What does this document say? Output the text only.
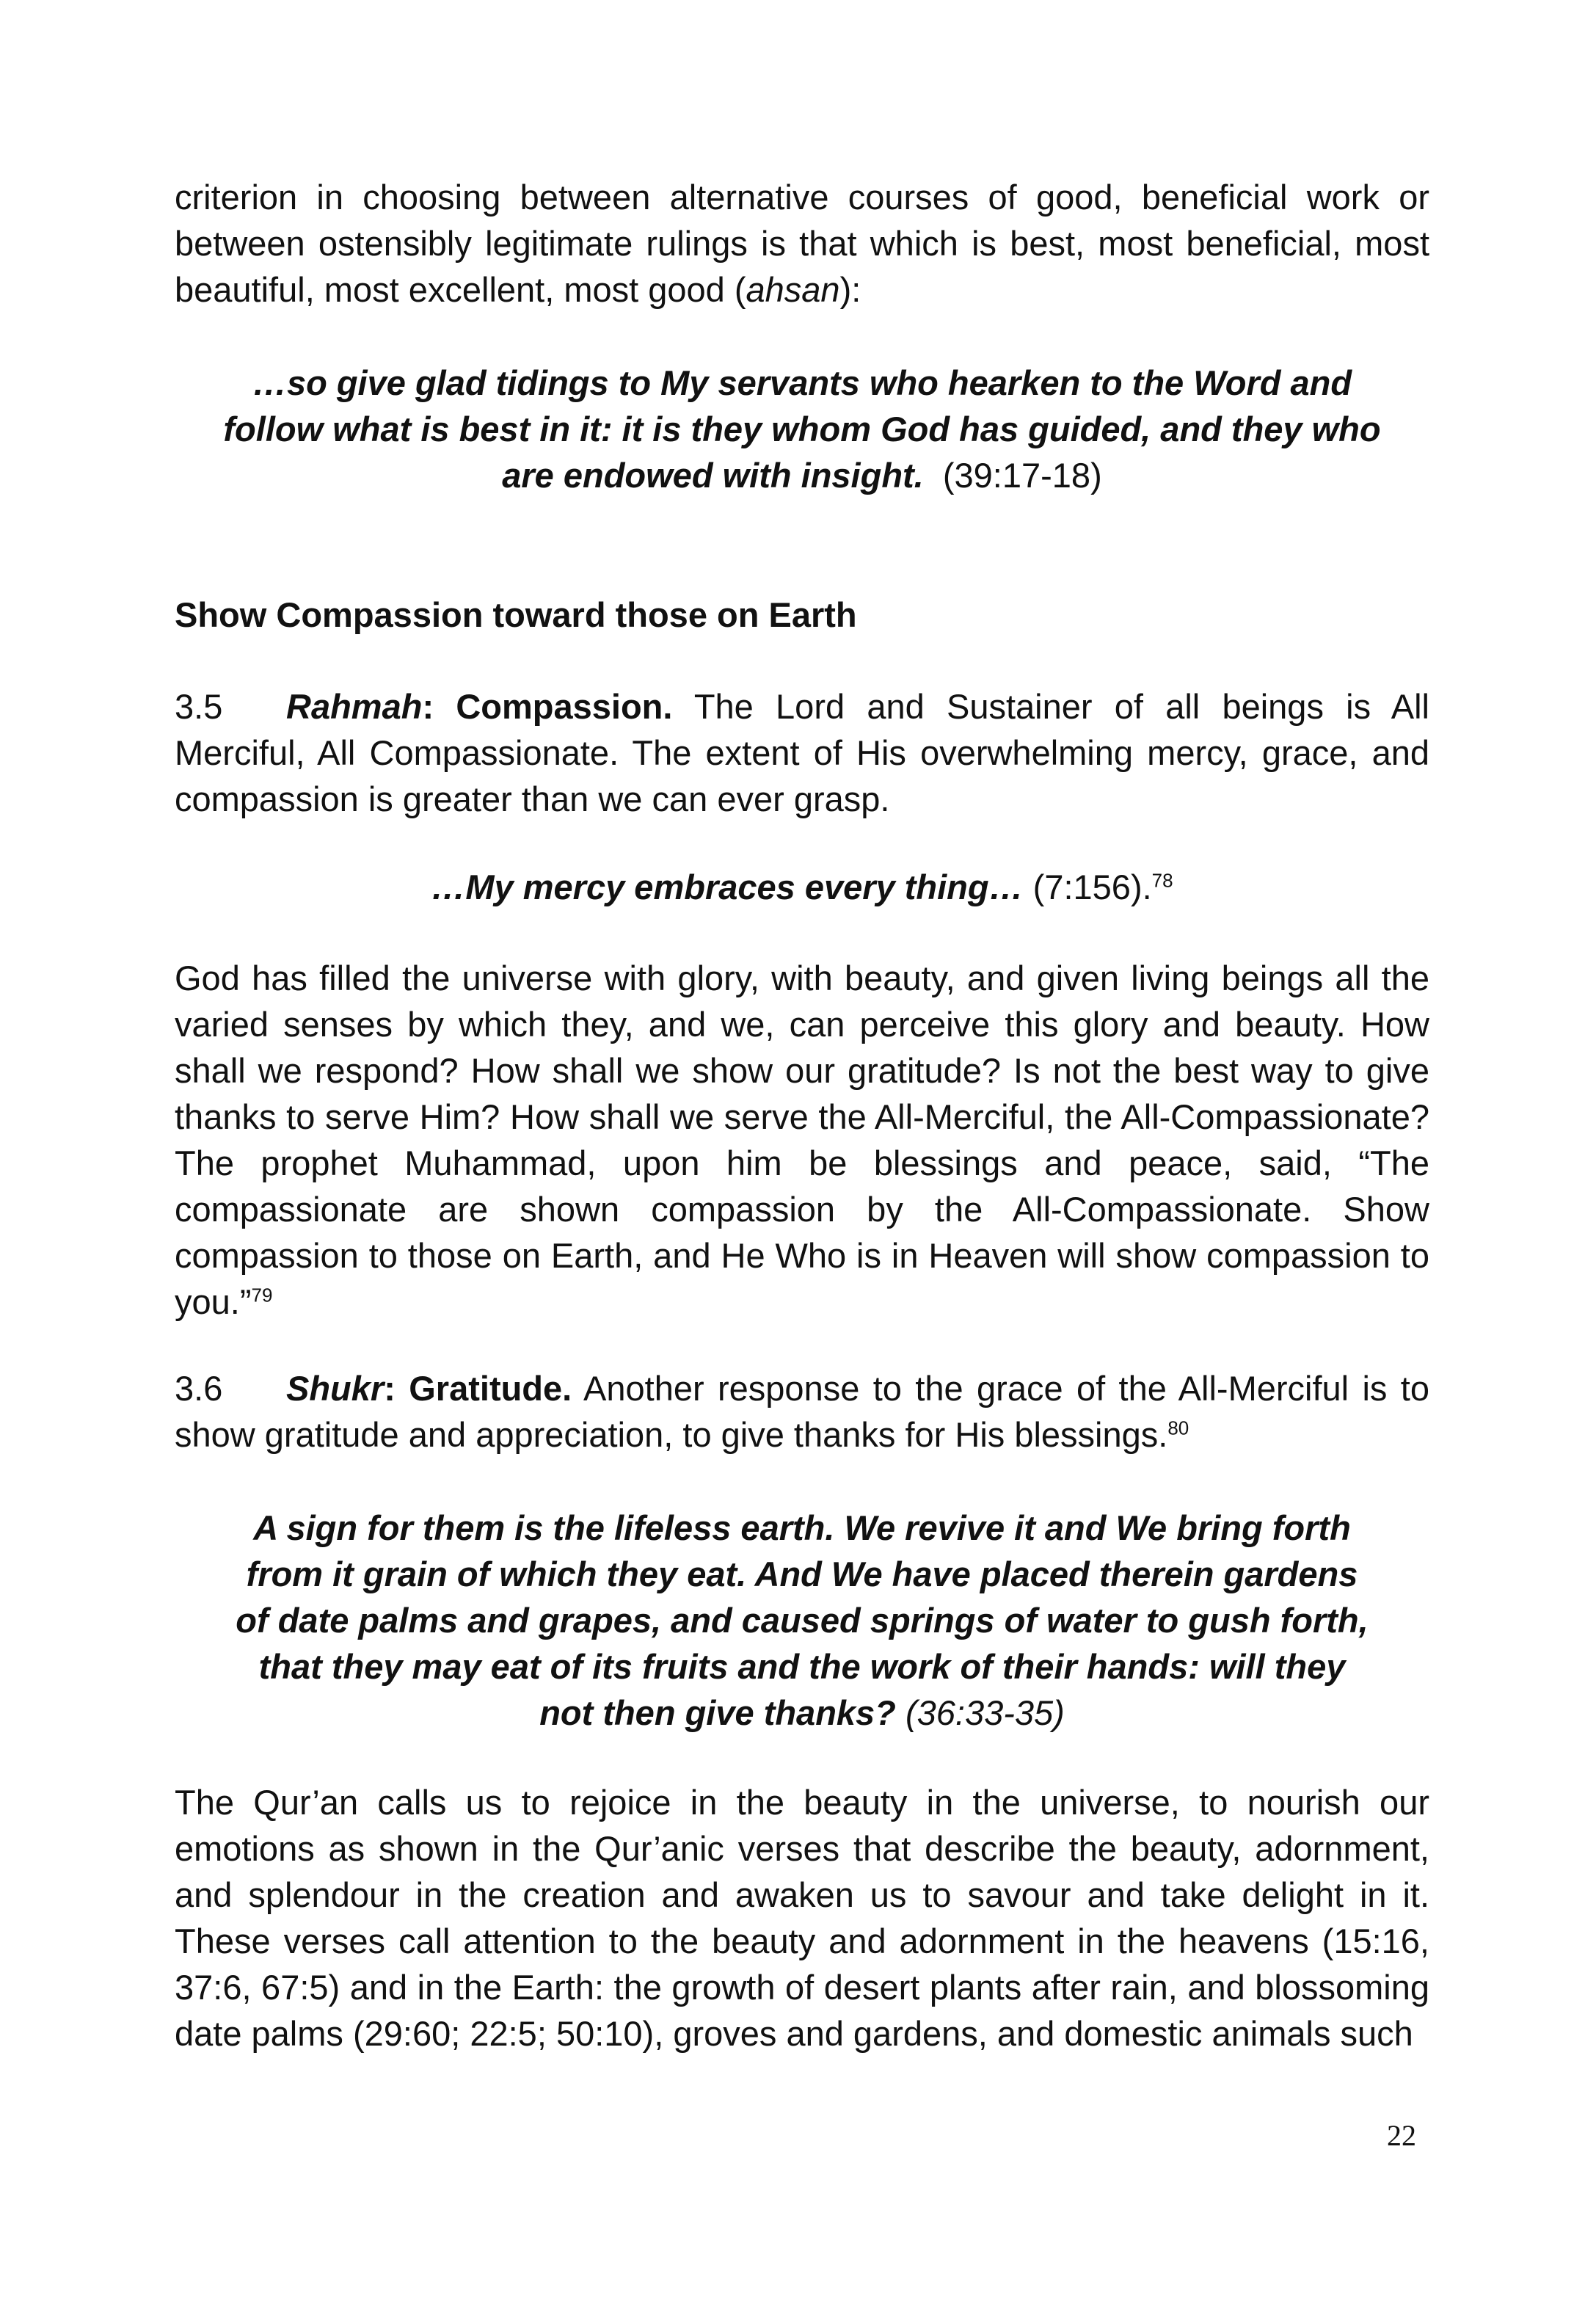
criterion in choosing between alternative courses of good, beneficial work or between ostensibly legitimate rulings is that which is best, most beneficial, most beautiful, most excellent, most good (ahsan):

…so give glad tidings to My servants who hearken to the Word and
follow what is best in it: it is they whom God has guided, and they who
are endowed with insight. (39:17-18)
Show Compassion toward those on Earth

3.5 Rahmah: Compassion. The Lord and Sustainer of all beings is All Merciful, All Compassionate. The extent of His overwhelming mercy, grace, and compassion is greater than we can ever grasp.

…My mercy embraces every thing… (7:156).$^{78}$

God has filled the universe with glory, with beauty, and given living beings all the varied senses by which they, and we, can perceive this glory and beauty. How shall we respond? How shall we show our gratitude? Is not the best way to give thanks to serve Him? How shall we serve the All-Merciful, the All-Compassionate? The prophet Muhammad, upon him be blessings and peace, said, “The compassionate are shown compassion by the All-Compassionate. Show compassion to those on Earth, and He Who is in Heaven will show compassion to you.”$^{79}$

3.6 Shukr: Gratitude. Another response to the grace of the All-Merciful is to show gratitude and appreciation, to give thanks for His blessings.$^{80}$

A sign for them is the lifeless earth. We revive it and We bring forth
from it grain of which they eat. And We have placed therein gardens
of date palms and grapes, and caused springs of water to gush forth,
that they may eat of its fruits and the work of their hands: will they
not then give thanks? (36:33-35)

The Qur’an calls us to rejoice in the beauty in the universe, to nourish our emotions as shown in the Qur’anic verses that describe the beauty, adornment, and splendour in the creation and awaken us to savour and take delight in it. These verses call attention to the beauty and adornment in the heavens (15:16, 37:6, 67:5) and in the Earth: the growth of desert plants after rain, and blossoming date palms (29:60; 22:5; 50:10), groves and gardens, and domestic animals such

22
